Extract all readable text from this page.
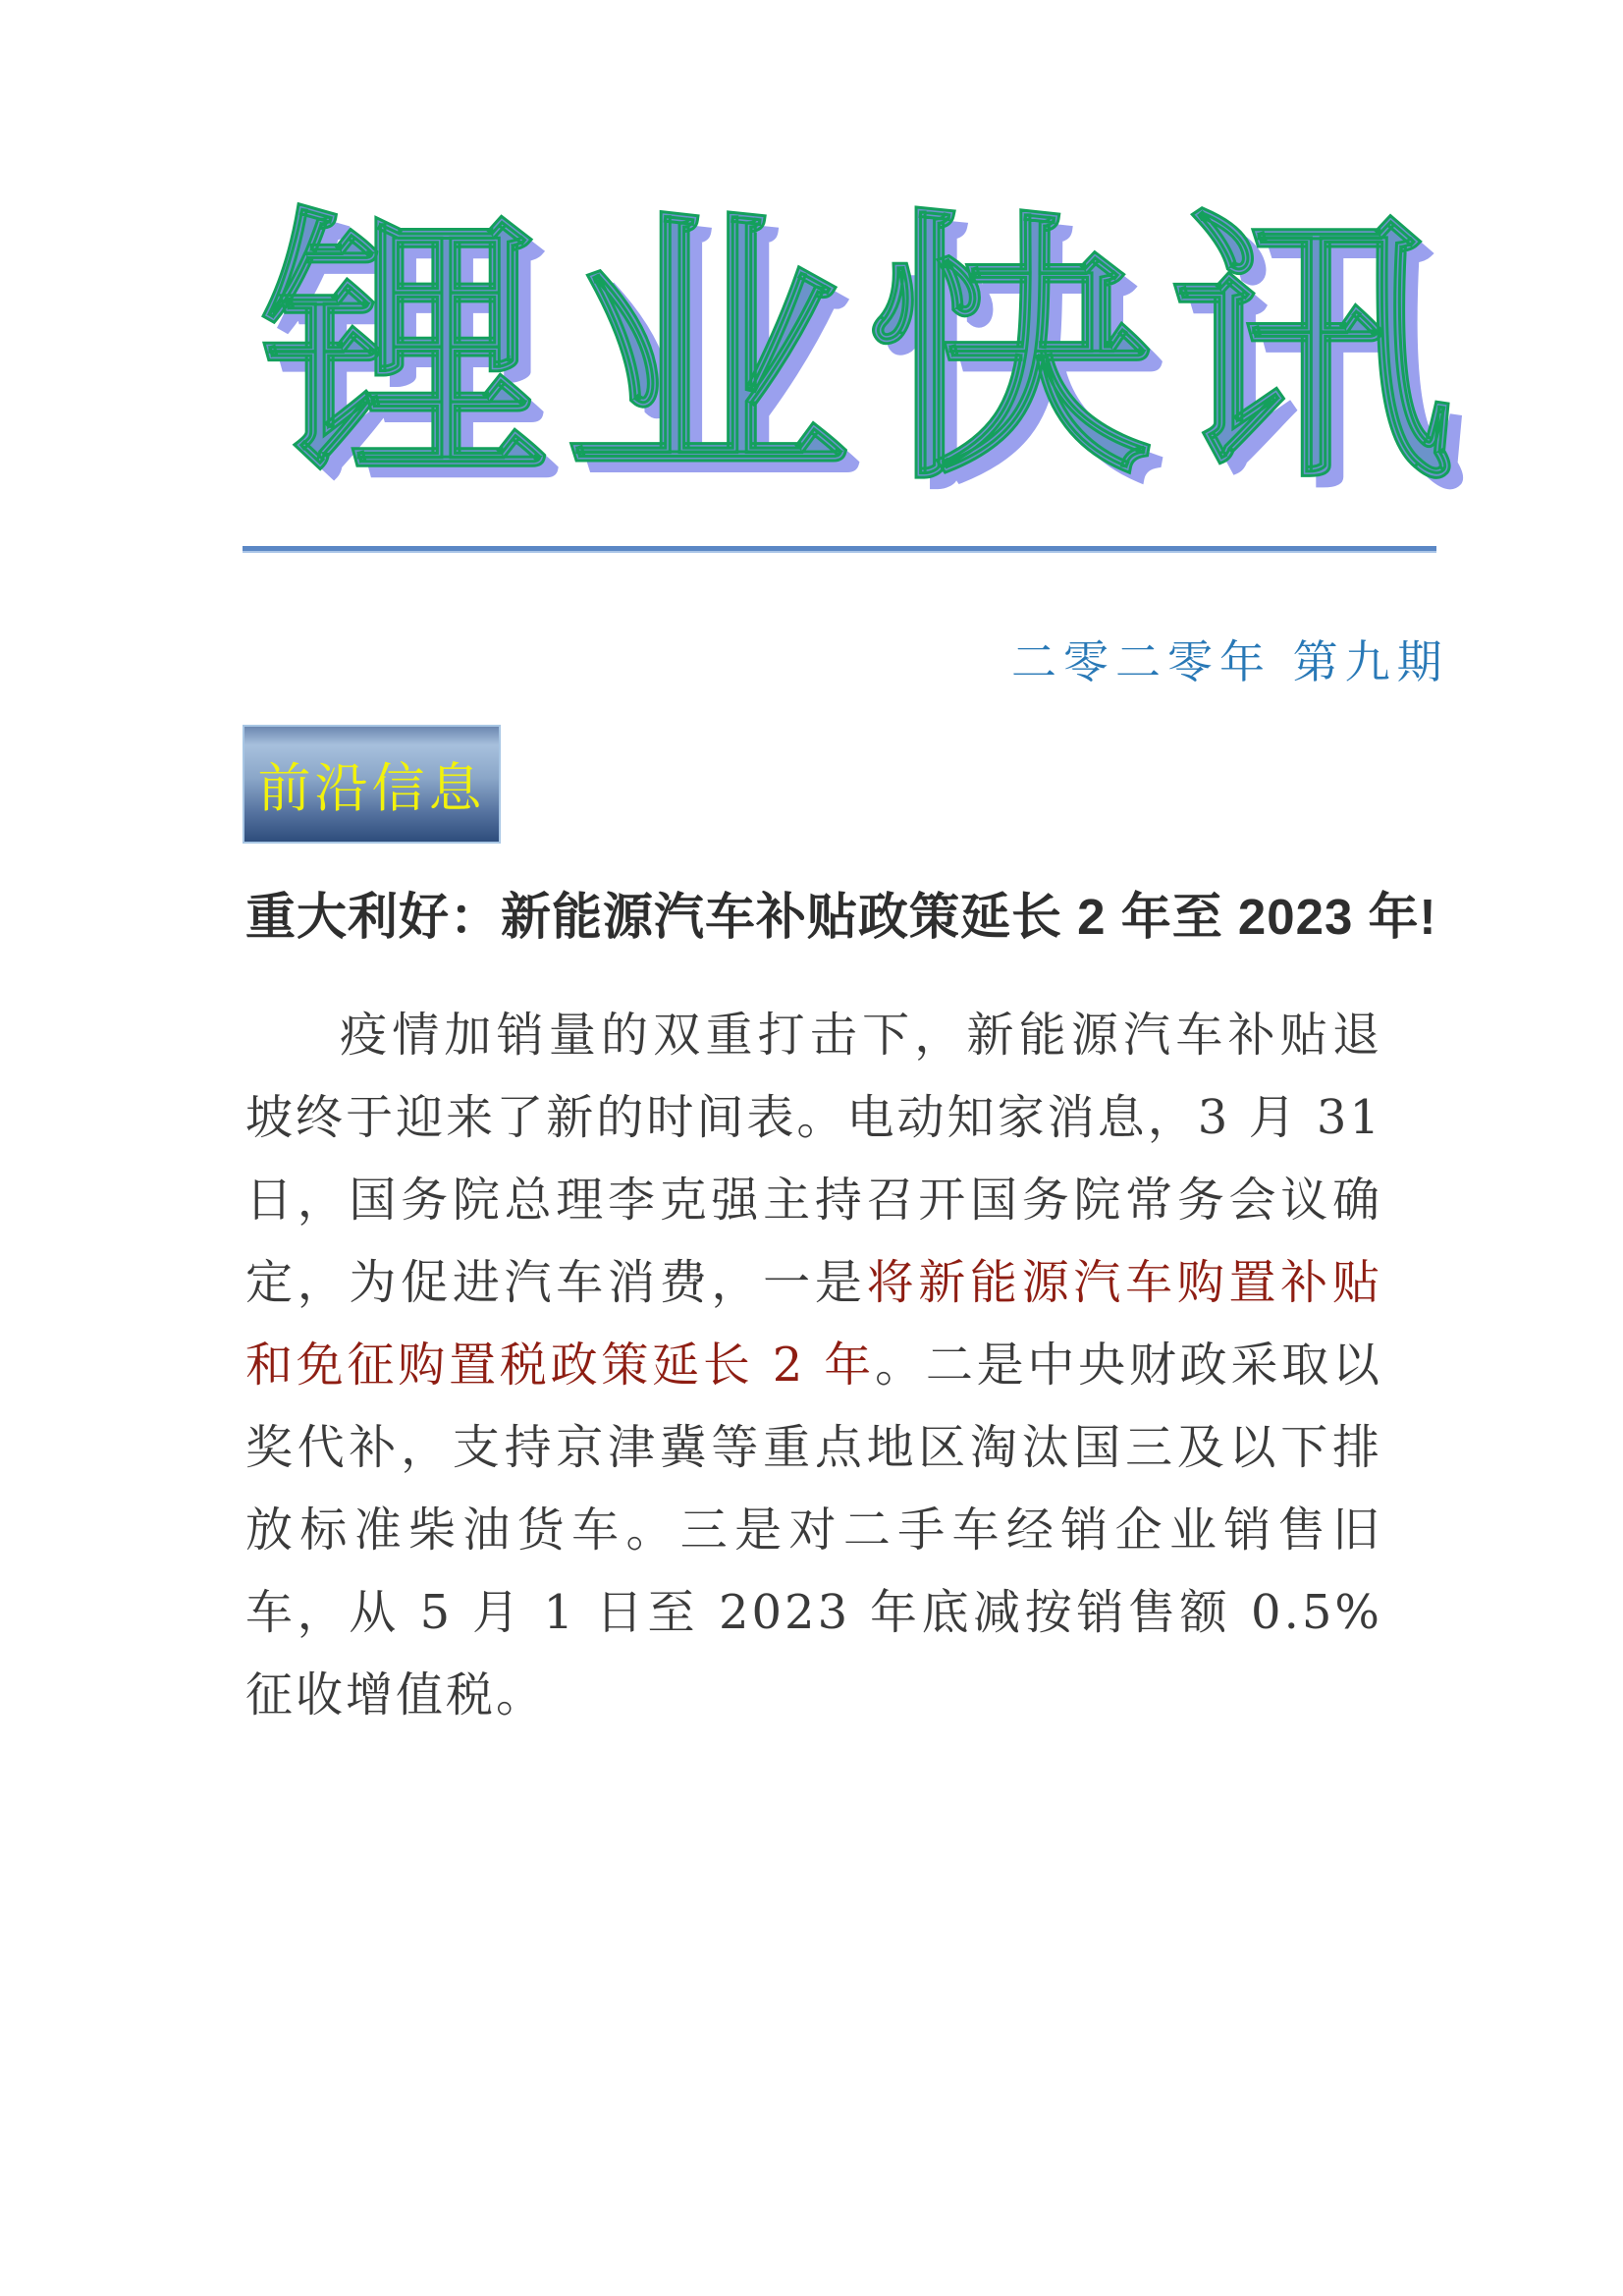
锂业快讯
二零二零年 第九期
前沿信息
重大利好：新能源汽车补贴政策延长 2 年至 2023 年!

疫情加销量的双重打击下，新能源汽车补贴退坡终于迎来了新的时间表。电动知家消息，3 月 31 日，国务院总理李克强主持召开国务院常务会议确定，为促进汽车消费，一是将新能源汽车购置补贴和免征购置税政策延长 2 年。二是中央财政采取以奖代补，支持京津冀等重点地区淘汰国三及以下排放标准柴油货车。三是对二手车经销企业销售旧车，从 5 月 1 日至 2023 年底减按销售额 0.5%征收增值税。
